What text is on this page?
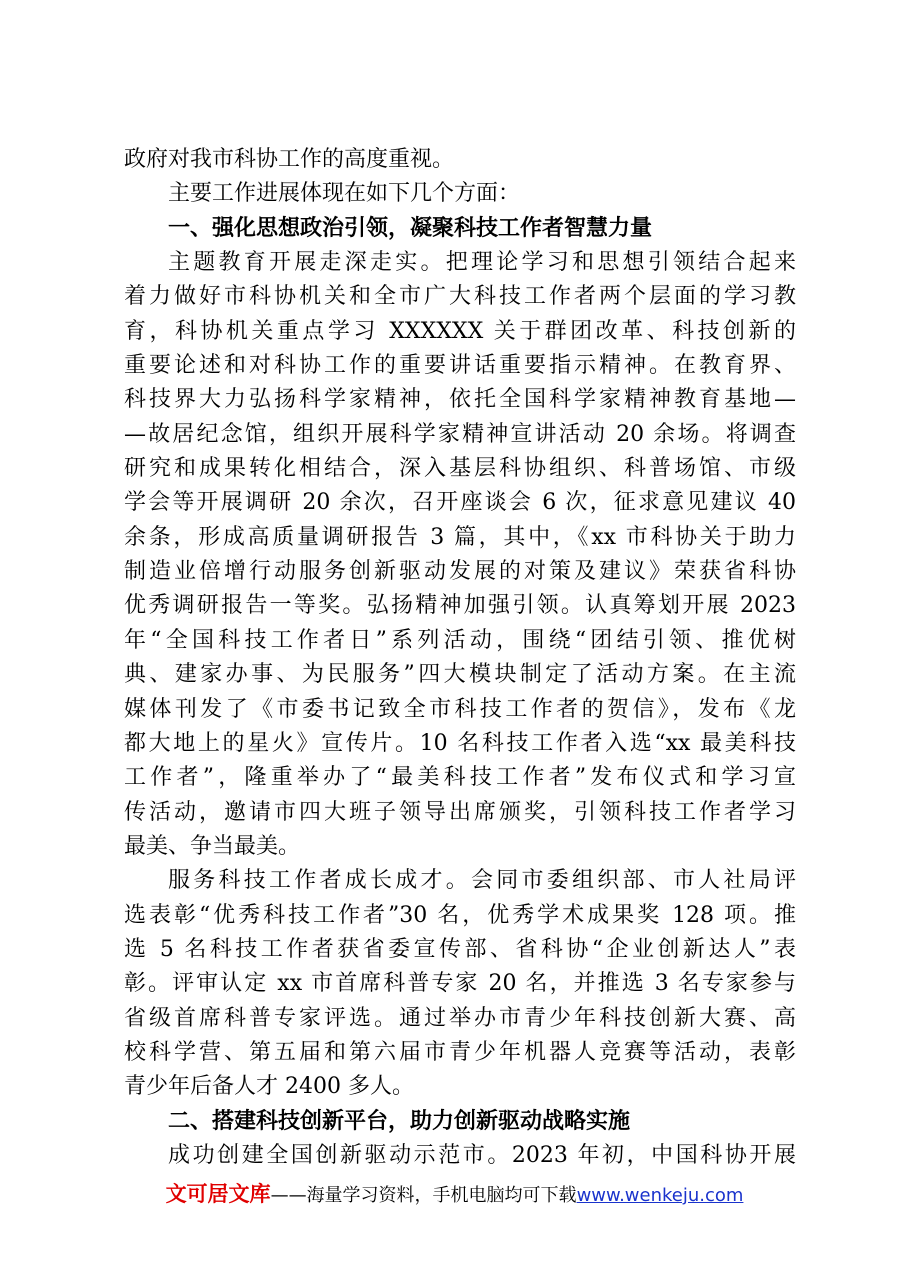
政府对我市科协工作的高度重视。
主要工作进展体现在如下几个方面：
一、强化思想政治引领，凝聚科技工作者智慧力量
主题教育开展走深走实。把理论学习和思想引领结合起来
着力做好市科协机关和全市广大科技工作者两个层面的学习教
育，科协机关重点学习 XXXXXX 关于群团改革、科技创新的
重要论述和对科协工作的重要讲话重要指示精神。在教育界、
科技界大力弘扬科学家精神，依托全国科学家精神教育基地—
—故居纪念馆，组织开展科学家精神宣讲活动 20 余场。将调查
研究和成果转化相结合，深入基层科协组织、科普场馆、市级
学会等开展调研 20 余次，召开座谈会 6 次，征求意见建议 40
余条，形成高质量调研报告 3 篇，其中，《xx 市科协关于助力
制造业倍增行动服务创新驱动发展的对策及建议》荣获省科协
优秀调研报告一等奖。弘扬精神加强引领。认真筹划开展 2023
年“全国科技工作者日”系列活动，围绕“团结引领、推优树
典、建家办事、为民服务”四大模块制定了活动方案。在主流
媒体刊发了《市委书记致全市科技工作者的贺信》，发布《龙
都大地上的星火》宣传片。10 名科技工作者入选“xx 最美科技
工作者”，隆重举办了“最美科技工作者”发布仪式和学习宣
传活动，邀请市四大班子领导出席颁奖，引领科技工作者学习
最美、争当最美。
服务科技工作者成长成才。会同市委组织部、市人社局评
选表彰“优秀科技工作者”30 名，优秀学术成果奖 128 项。推
选 5 名科技工作者获省委宣传部、省科协“企业创新达人”表
彰。评审认定 xx 市首席科普专家 20 名，并推选 3 名专家参与
省级首席科普专家评选。通过举办市青少年科技创新大赛、高
校科学营、第五届和第六届市青少年机器人竞赛等活动，表彰
青少年后备人才 2400 多人。
二、搭建科技创新平台，助力创新驱动战略实施
成功创建全国创新驱动示范市。2023 年初，中国科协开展
文可居文库——海量学习资料，手机电脑均可下载www.wenkeju.com
